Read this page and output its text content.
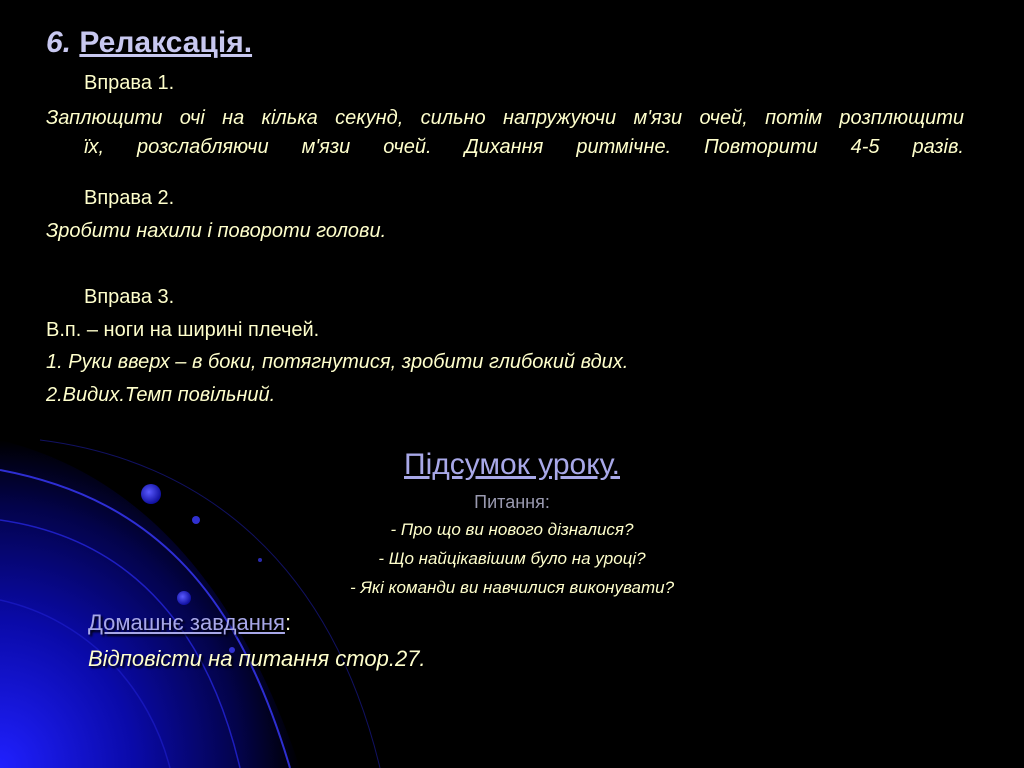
6. Релаксація.
Вправа 1.

Заплющити очі на кілька секунд, сильно напружуючи м'язи очей, потім розплющити
їх, розслабляючи м'язи очей. Дихання ритмічне. Повторити 4-5 разів.

Вправа 2.
Зробити нахили і повороти голови.
Вправа 3.
В.п. – ноги на ширині плечей.
1. Руки вверх – в боки, потягнутися, зробити глибокий вдих.
2.Видих.Темп повільний.
Підсумок уроку.
Питання:
- Про що ви нового дізналися?
- Що найцікавішим було на уроці?
- Які команди ви навчилися виконувати?
Домашнє завдання:
Відповісти на питання стор.27.
